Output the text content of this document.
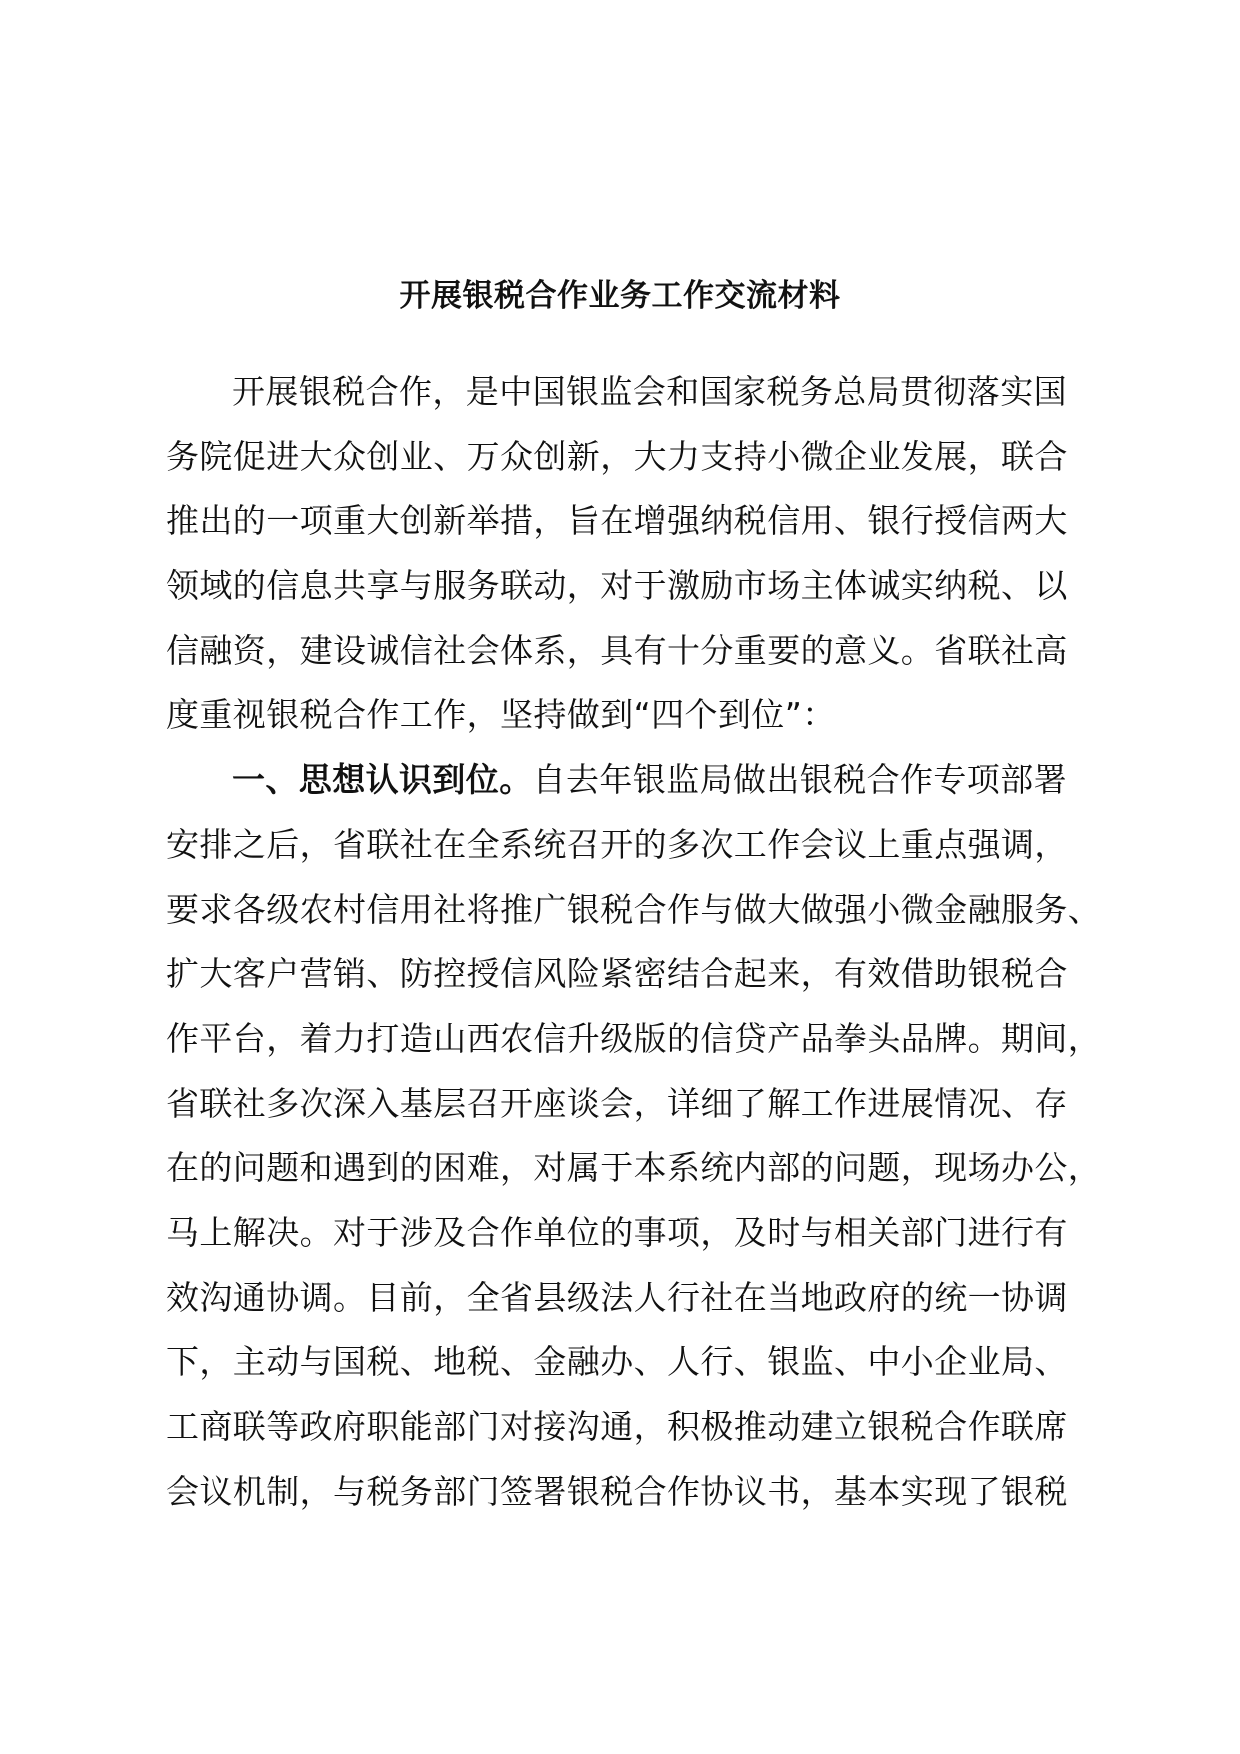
开展银税合作业务工作交流材料
开展银税合作，是中国银监会和国家税务总局贯彻落实国
务院促进大众创业、万众创新，大力支持小微企业发展，联合
推出的一项重大创新举措，旨在增强纳税信用、银行授信两大
领域的信息共享与服务联动，对于激励市场主体诚实纳税、以
信融资，建设诚信社会体系，具有十分重要的意义。省联社高
度重视银税合作工作，坚持做到“四个到位”：
一、思想认识到位。自去年银监局做出银税合作专项部署
安排之后，省联社在全系统召开的多次工作会议上重点强调，
要求各级农村信用社将推广银税合作与做大做强小微金融服务、
扩大客户营销、防控授信风险紧密结合起来，有效借助银税合
作平台，着力打造山西农信升级版的信贷产品拳头品牌。期间，
省联社多次深入基层召开座谈会，详细了解工作进展情况、存
在的问题和遇到的困难，对属于本系统内部的问题，现场办公，
马上解决。对于涉及合作单位的事项，及时与相关部门进行有
效沟通协调。目前，全省县级法人行社在当地政府的统一协调
下，主动与国税、地税、金融办、人行、银监、中小企业局、
工商联等政府职能部门对接沟通，积极推动建立银税合作联席
会议机制，与税务部门签署银税合作协议书，基本实现了银税
